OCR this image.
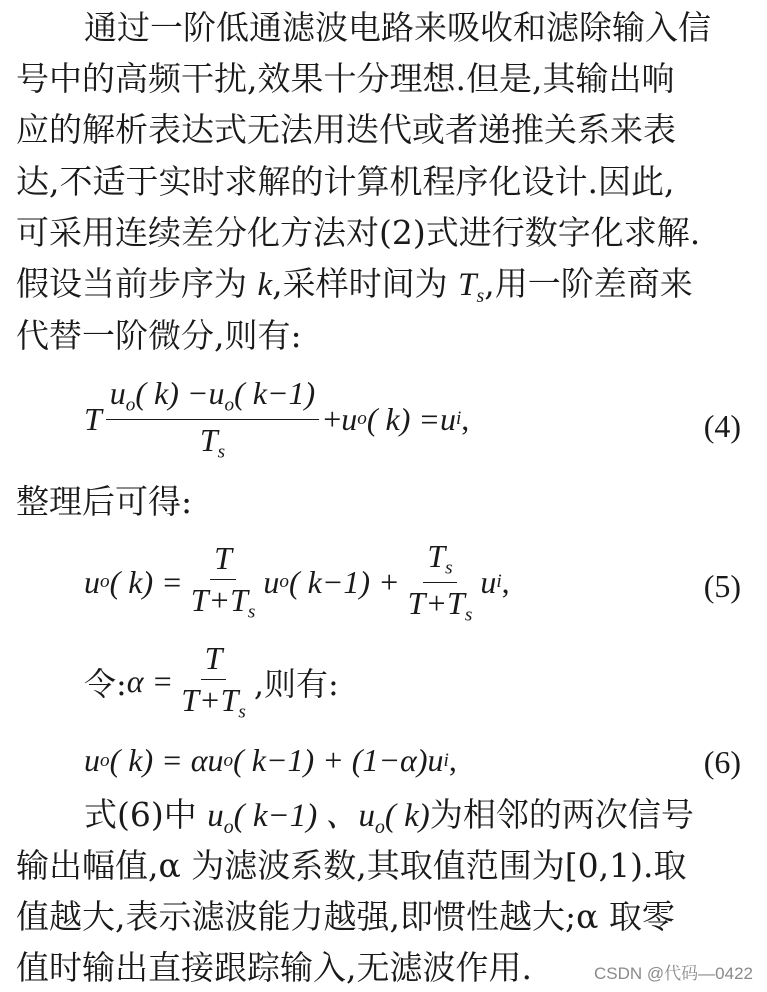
通过一阶低通滤波电路来吸收和滤除输入信
号中的高频干扰,效果十分理想.但是,其输出响
应的解析表达式无法用迭代或者递推关系来表
达,不适于实时求解的计算机程序化设计.因此,
可采用连续差分化方法对(2)式进行数字化求解.
假设当前步序为 k,采样时间为 $T_s$,用一阶差商来
代替一阶微分,则有:
T $\frac{u_o( k) -u_o( k-1)}{T_s} + u$ o ( k) = u i ,	(4)
整理后可得:
u o ( $k) = \frac{T}{T+T_s}$ u o ( $k-1) + \frac{T_s}{T+T_s}$ u i ,	(5)
令: $\alpha = \frac{T}{T+T_s}$ ,则有:
u o ( k) = α u o ( k−1) + (1−α) u i ,	(6)
式(6)中 $u_o$( k−1) 、$u_o$( k)为相邻的两次信号
输出幅值,α 为滤波系数,其取值范围为[0,1).取
值越大,表示滤波能力越强,即惯性越大;α 取零
值时输出直接跟踪输入,无滤波作用.	CSDN @代码—0422
